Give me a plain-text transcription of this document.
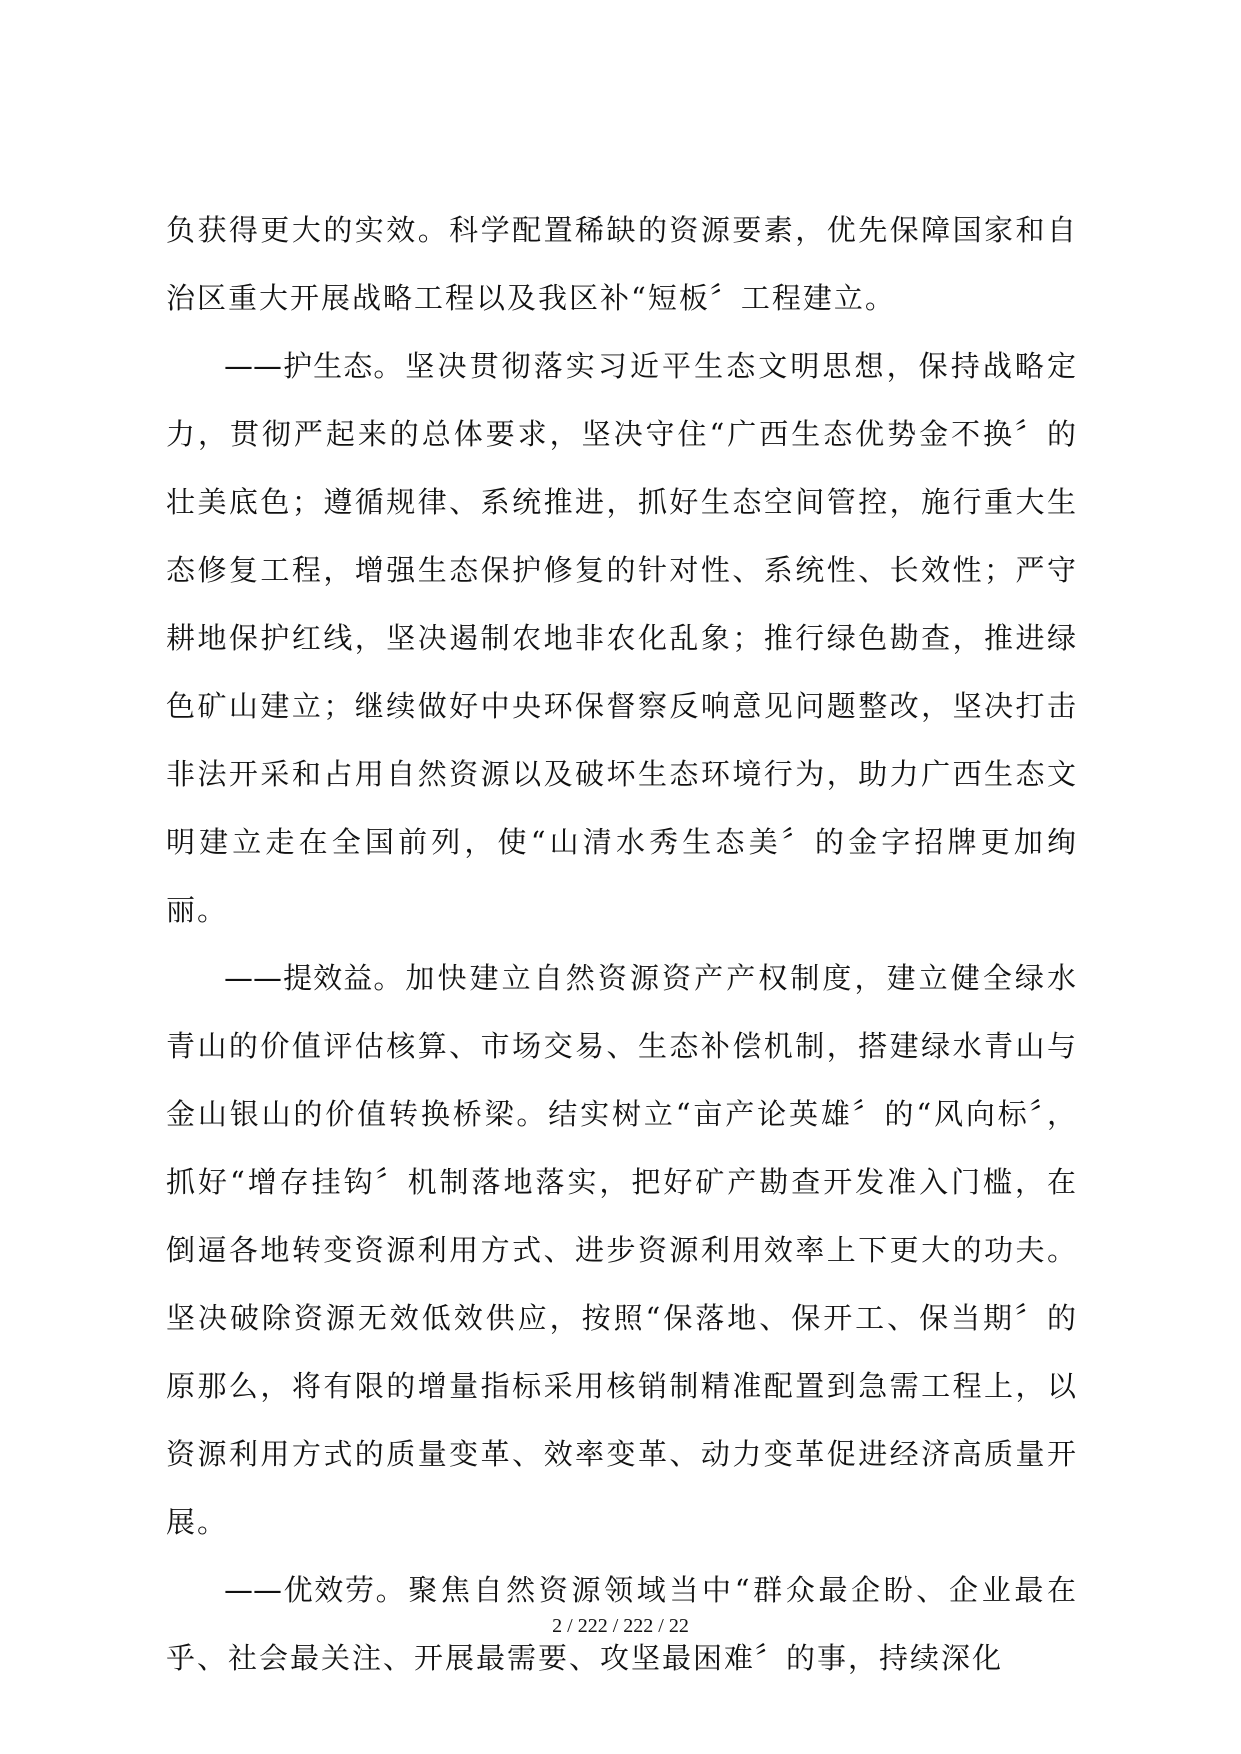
负获得更大的实效。科学配置稀缺的资源要素，优先保障国家和自治区重大开展战略工程以及我区补“短板〞工程建立。

——护生态。坚决贯彻落实习近平生态文明思想，保持战略定力，贯彻严起来的总体要求，坚决守住“广西生态优势金不换〞的壮美底色；遵循规律、系统推进，抓好生态空间管控，施行重大生态修复工程，增强生态保护修复的针对性、系统性、长效性；严守耕地保护红线，坚决遏制农地非农化乱象；推行绿色勘查，推进绿色矿山建立；继续做好中央环保督察反响意见问题整改，坚决打击非法开采和占用自然资源以及破坏生态环境行为，助力广西生态文明建立走在全国前列，使“山清水秀生态美〞的金字招牌更加绚丽。

——提效益。加快建立自然资源资产产权制度，建立健全绿水青山的价值评估核算、市场交易、生态补偿机制，搭建绿水青山与金山银山的价值转换桥梁。结实树立“亩产论英雄〞的“风向标〞，抓好“增存挂钩〞机制落地落实，把好矿产勘查开发准入门槛，在倒逼各地转变资源利用方式、进步资源利用效率上下更大的功夫。坚决破除资源无效低效供应，按照“保落地、保开工、保当期〞的原那么，将有限的增量指标采用核销制精准配置到急需工程上，以资源利用方式的质量变革、效率变革、动力变革促进经济高质量开展。

——优效劳。聚焦自然资源领域当中“群众最企盼、企业最在乎、社会最关注、开展最需要、攻坚最困难〞的事，持续深化

2 / 222 / 222 / 22
